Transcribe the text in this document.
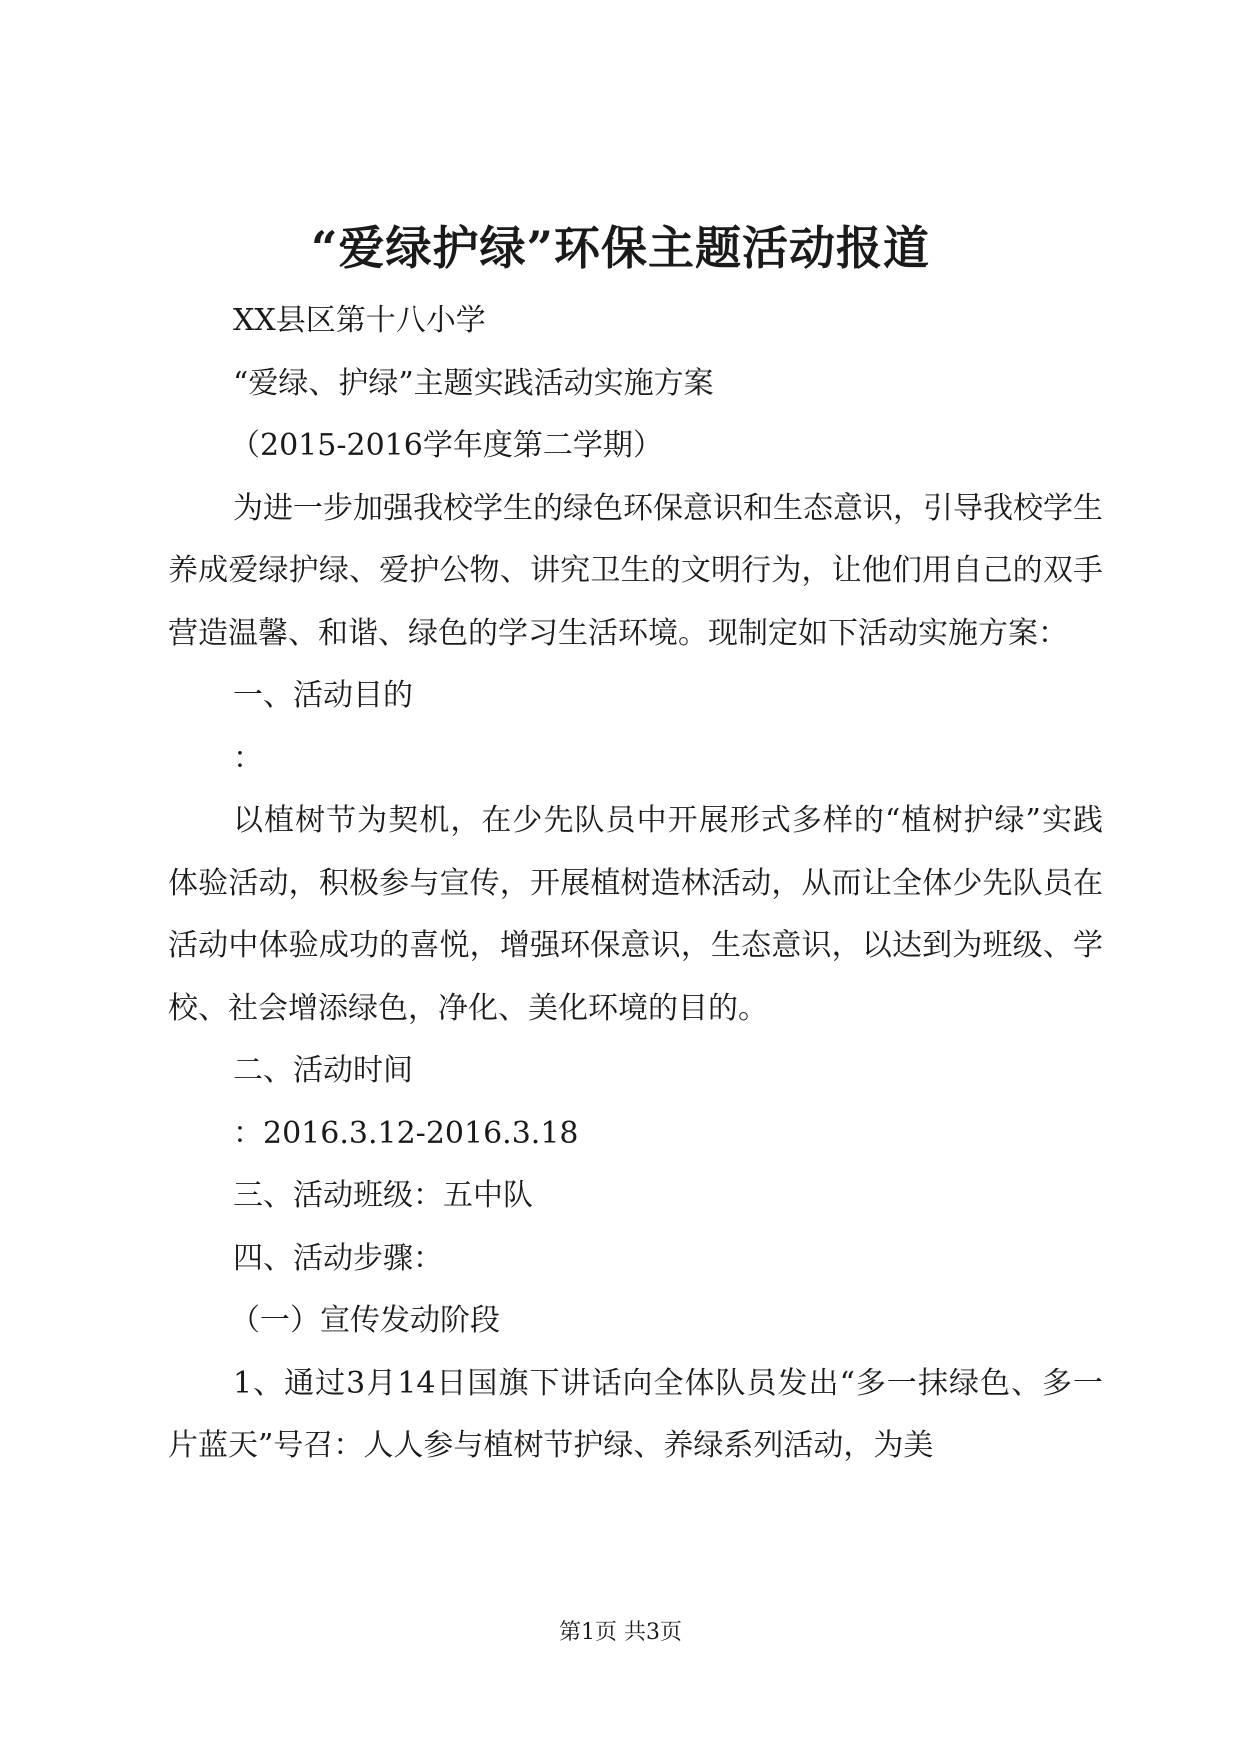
“爱绿护绿”环保主题活动报道

XX县区第十八小学

“爱绿、护绿”主题实践活动实施方案

（2015-2016学年度第二学期）

为进一步加强我校学生的绿色环保意识和生态意识，引导我校学生养成爱绿护绿、爱护公物、讲究卫生的文明行为，让他们用自己的双手营造温馨、和谐、绿色的学习生活环境。现制定如下活动实施方案：

一、活动目的

：

以植树节为契机，在少先队员中开展形式多样的“植树护绿”实践体验活动，积极参与宣传，开展植树造林活动，从而让全体少先队员在活动中体验成功的喜悦，增强环保意识，生态意识，以达到为班级、学校、社会增添绿色，净化、美化环境的目的。

二、活动时间

：2016.3.12-2016.3.18

三、活动班级：五中队

四、活动步骤：

（一）宣传发动阶段

1、通过3月14日国旗下讲话向全体队员发出“多一抹绿色、多一片蓝天”号召：人人参与植树节护绿、养绿系列活动，为美

第1页 共3页
